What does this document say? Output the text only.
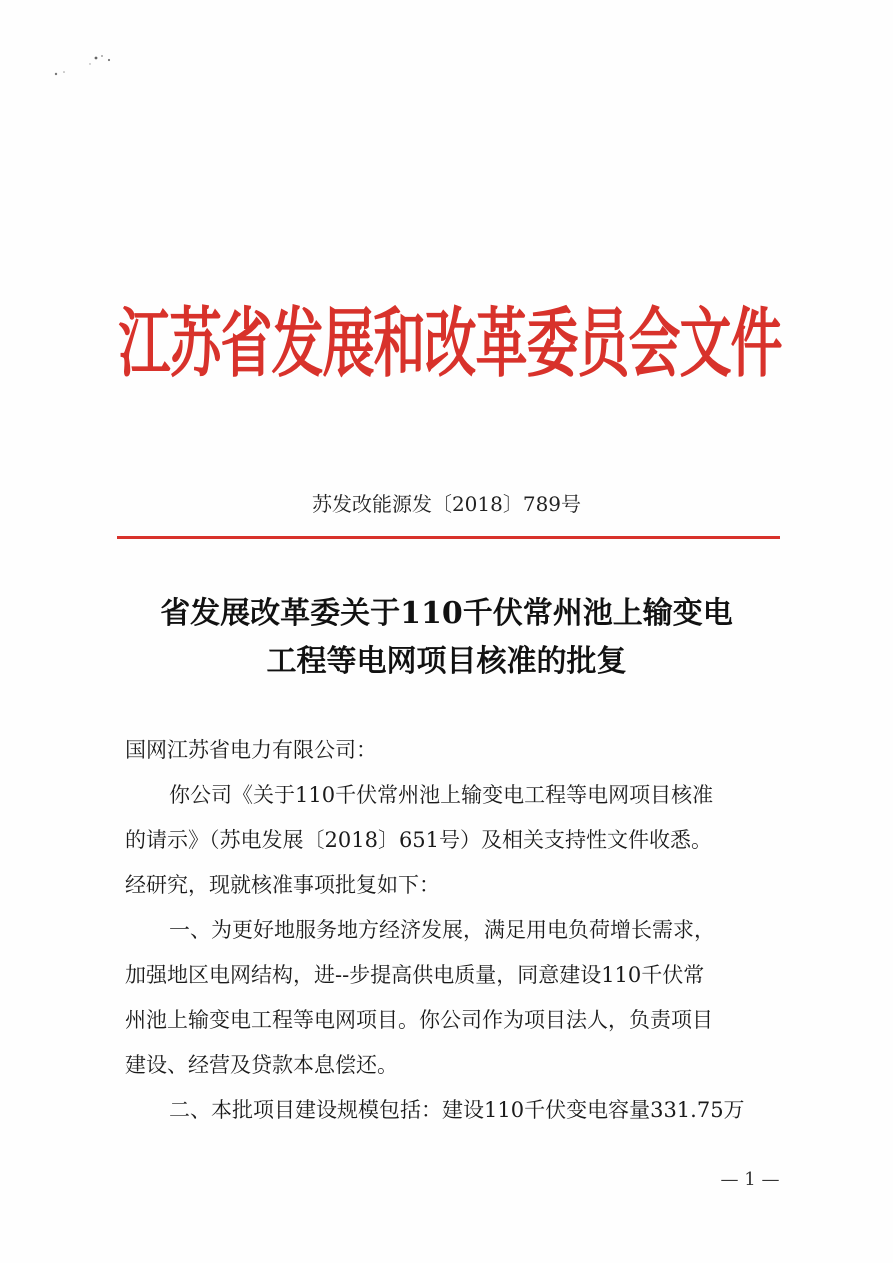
江苏省发展和改革委员会文件
苏发改能源发〔2018〕789号
省发展改革委关于110千伏常州池上输变电
工程等电网项目核准的批复
国网江苏省电力有限公司：
你公司《关于110千伏常州池上输变电工程等电网项目核准
的请示》（苏电发展〔2018〕651号）及相关支持性文件收悉。
经研究，现就核准事项批复如下：
一、为更好地服务地方经济发展，满足用电负荷增长需求，
加强地区电网结构，进--步提高供电质量，同意建设110千伏常
州池上输变电工程等电网项目。你公司作为项目法人，负责项目
建设、经营及贷款本息偿还。
二、本批项目建设规模包括：建设110千伏变电容量331.75万
— 1 —
